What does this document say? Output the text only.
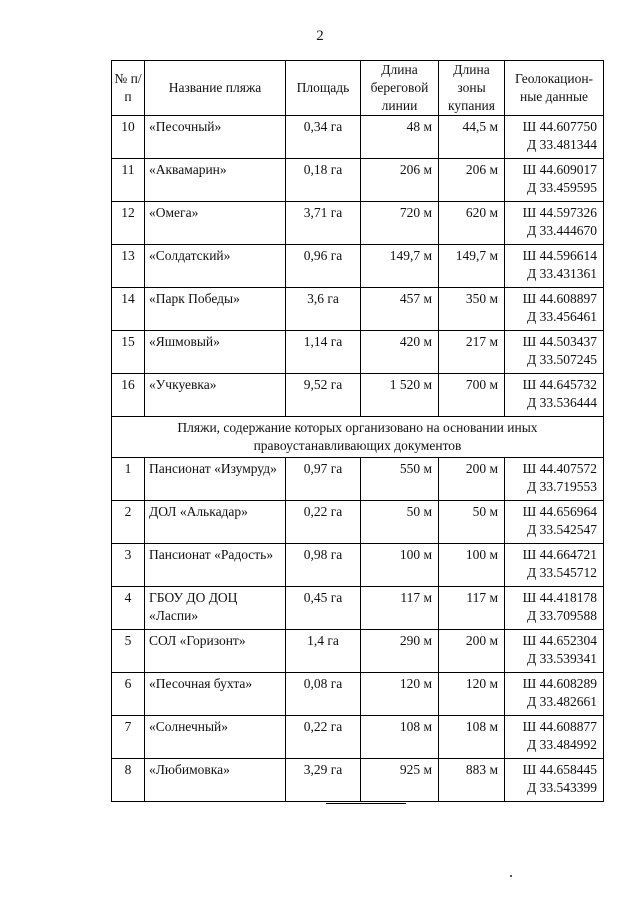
2
№ п/п	Название пляжа	Площадь	Длина береговой линии	Длина зоны купания	Геолокацион-ные данные
10	«Песочный»	0,34 га	48 м	44,5 м	Ш 44.607750
Д 33.481344

11	«Аквамарин»	0,18 га	206 м	206 м	Ш 44.609017
Д 33.459595

12	«Омега»	3,71 га	720 м	620 м	Ш 44.597326
Д 33.444670

13	«Солдатский»	0,96 га	149,7 м	149,7 м	Ш 44.596614
Д 33.431361

14	«Парк Победы»	3,6 га	457 м	350 м	Ш 44.608897
Д 33.456461

15	«Яшмовый»	1,14 га	420 м	217 м	Ш 44.503437
Д 33.507245

16	«Учкуевка»	9,52 га	1 520 м	700 м	Ш 44.645732
Д 33.536444

Пляжи, содержание которых организовано на основании иных правоустанавливающих документов					
1	Пансионат «Изумруд»	0,97 га	550 м	200 м	Ш 44.407572
Д 33.719553

2	ДОЛ «Алькадар»	0,22 га	50 м	50 м	Ш 44.656964
Д 33.542547

3	Пансионат «Радость»	0,98 га	100 м	100 м	Ш 44.664721
Д 33.545712

4	ГБОУ ДО ДОЦ «Ласпи»	0,45 га	117 м	117 м	Ш 44.418178
Д 33.709588

5	СОЛ «Горизонт»	1,4 га	290 м	200 м	Ш 44.652304
Д 33.539341

6	«Песочная бухта»	0,08 га	120 м	120 м	Ш 44.608289
Д 33.482661

7	«Солнечный»	0,22 га	108 м	108 м	Ш 44.608877
Д 33.484992

8	«Любимовка»	3,29 га	925 м	883 м	Ш 44.658445
Д 33.543399
